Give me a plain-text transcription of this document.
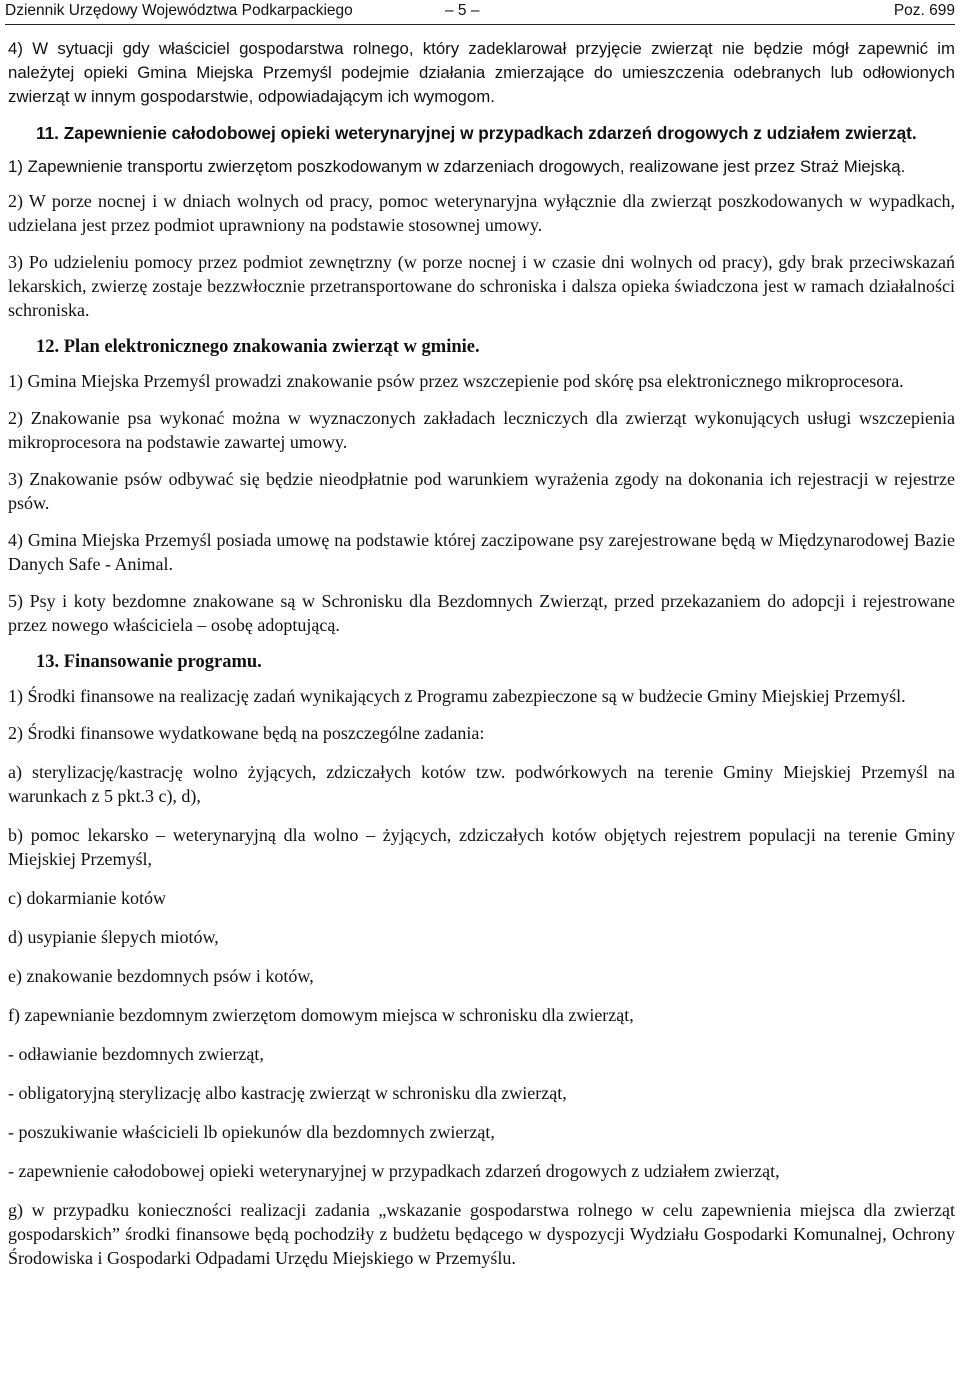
Dziennik Urzędowy Województwa Podkarpackiego	– 5 –	Poz. 699

4) W sytuacji gdy właściciel gospodarstwa rolnego, który zadeklarował przyjęcie zwierząt nie będzie mógł zapewnić im należytej opieki Gmina Miejska Przemyśl podejmie działania zmierzające do umieszczenia odebranych lub odłowionych zwierząt w innym gospodarstwie, odpowiadającym ich wymogom.

11. Zapewnienie całodobowej opieki weterynaryjnej w przypadkach zdarzeń drogowych z udziałem zwierząt.

1) Zapewnienie transportu zwierzętom poszkodowanym w zdarzeniach drogowych, realizowane jest przez Straż Miejską.

2) W porze nocnej i w dniach wolnych od pracy, pomoc weterynaryjna wyłącznie dla zwierząt poszkodowanych w wypadkach, udzielana jest przez podmiot uprawniony na podstawie stosownej umowy.

3) Po udzieleniu pomocy przez podmiot zewnętrzny (w porze nocnej i w czasie dni wolnych od pracy), gdy brak przeciwskazań lekarskich, zwierzę zostaje bezzwłocznie przetransportowane do schroniska i dalsza opieka świadczona jest w ramach działalności schroniska.

12. Plan elektronicznego znakowania zwierząt w gminie.

1) Gmina Miejska Przemyśl prowadzi znakowanie psów przez wszczepienie pod skórę psa elektronicznego mikroprocesora.

2) Znakowanie psa wykonać można w wyznaczonych zakładach leczniczych dla zwierząt wykonujących usługi wszczepienia mikroprocesora na podstawie zawartej umowy.

3) Znakowanie psów odbywać się będzie nieodpłatnie pod warunkiem wyrażenia zgody na dokonania ich rejestracji w rejestrze psów.

4) Gmina Miejska Przemyśl posiada umowę na podstawie której zaczipowane psy zarejestrowane będą w Międzynarodowej Bazie Danych Safe - Animal.

5) Psy i koty bezdomne znakowane są w Schronisku dla Bezdomnych Zwierząt, przed przekazaniem do adopcji i rejestrowane przez nowego właściciela – osobę adoptującą.

13. Finansowanie programu.

1) Środki finansowe na realizację zadań wynikających z Programu zabezpieczone są w budżecie Gminy Miejskiej Przemyśl.

2) Środki finansowe wydatkowane będą na poszczególne zadania:

a) sterylizację/kastrację wolno żyjących, zdziczałych kotów tzw. podwórkowych na terenie Gminy Miejskiej Przemyśl na warunkach z 5 pkt.3 c), d),

b) pomoc lekarsko – weterynaryjną dla wolno – żyjących, zdziczałych kotów objętych rejestrem populacji na terenie Gminy Miejskiej Przemyśl,

c) dokarmianie kotów

d) usypianie ślepych miotów,

e) znakowanie bezdomnych psów i kotów,

f) zapewnianie bezdomnym zwierzętom domowym miejsca w schronisku dla zwierząt,

- odławianie bezdomnych zwierząt,

- obligatoryjną sterylizację albo kastrację zwierząt w schronisku dla zwierząt,

- poszukiwanie właścicieli lb opiekunów dla bezdomnych zwierząt,

- zapewnienie całodobowej opieki weterynaryjnej w przypadkach zdarzeń drogowych z udziałem zwierząt,

g) w przypadku konieczności realizacji zadania „wskazanie gospodarstwa rolnego w celu zapewnienia miejsca dla zwierząt gospodarskich” środki finansowe będą pochodziły z budżetu będącego w dyspozycji Wydziału Gospodarki Komunalnej, Ochrony Środowiska i Gospodarki Odpadami Urzędu Miejskiego w Przemyślu.
